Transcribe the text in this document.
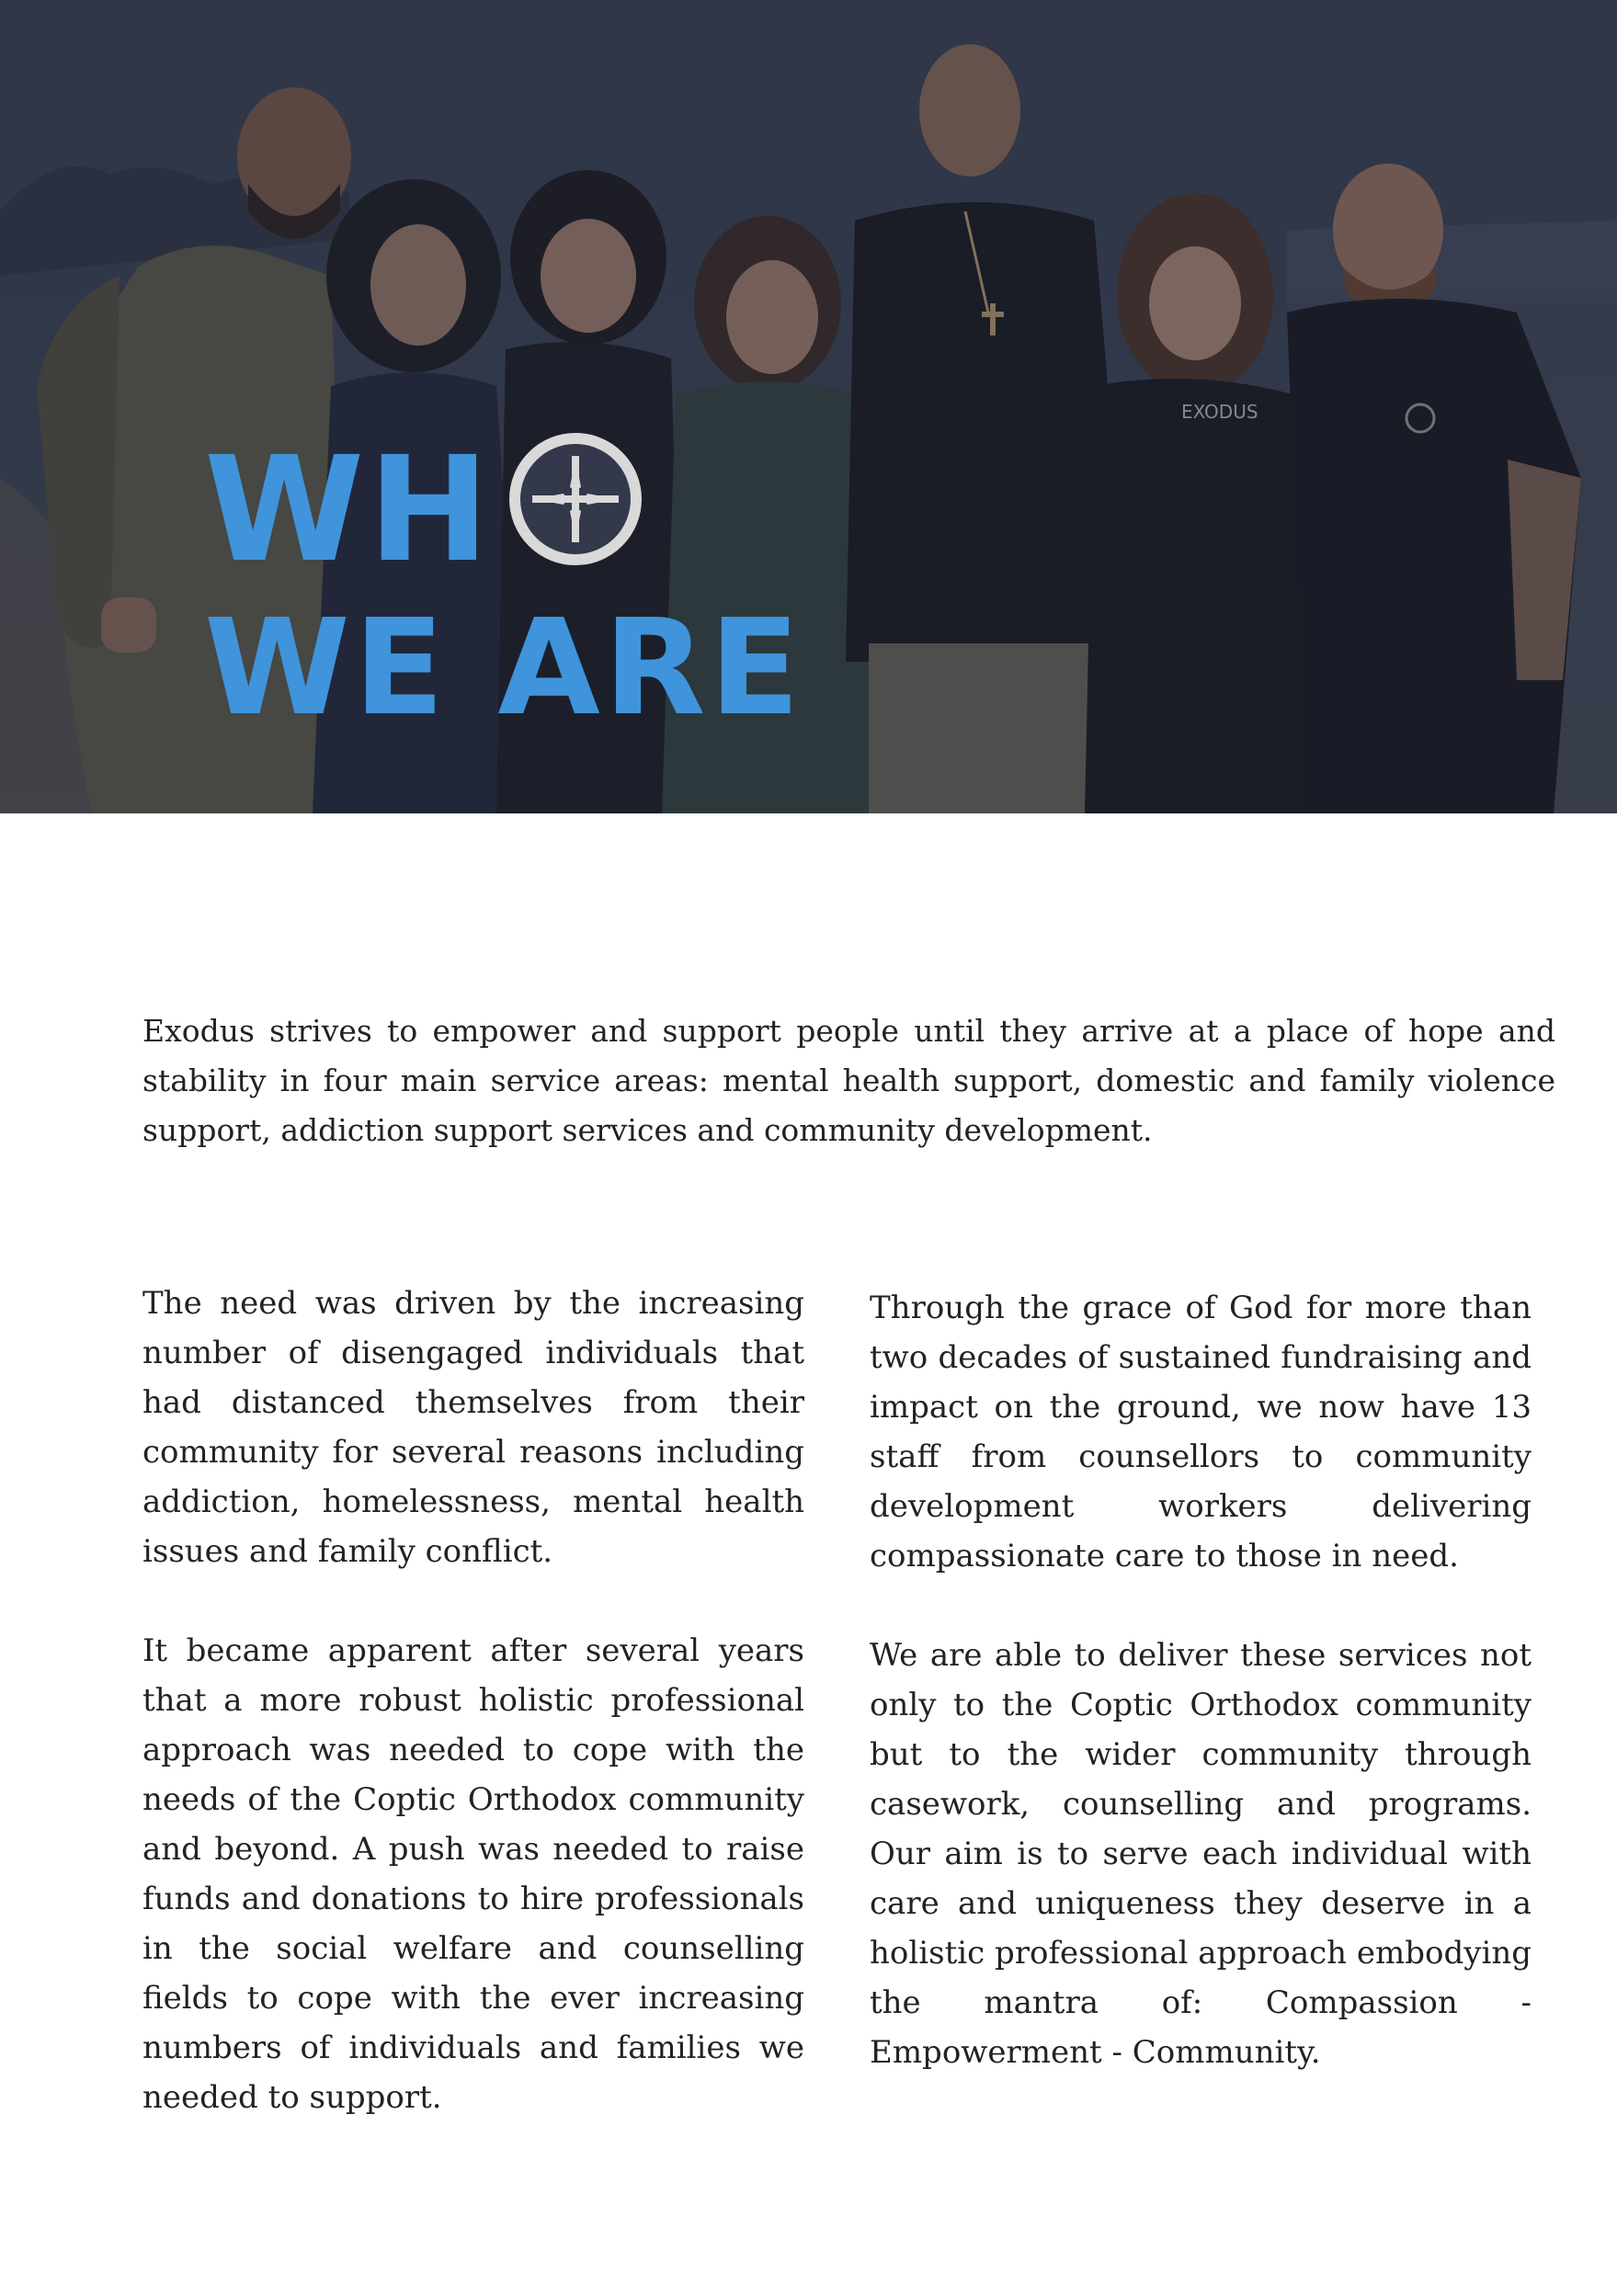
EXODUS
WH
WE ARE
Exodus strives to empower and support people until they arrive at a place of hope and stability in four main service areas: mental health support, domestic and family violence support, addiction support services and community development.

The need was driven by the increasing number of disengaged individuals that had distanced themselves from their community for several reasons including addiction, homelessness, mental health issues and family conflict.

It became apparent after several years that a more robust holistic professional approach was needed to cope with the needs of the Coptic Orthodox community and beyond. A push was needed to raise funds and donations to hire professionals in the social welfare and counselling fields to cope with the ever increasing numbers of individuals and families we needed to support.

Through the grace of God for more than two decades of sustained fundraising and impact on the ground, we now have 13 staff from counsellors to community development workers delivering compassionate care to those in need.

We are able to deliver these services not only to the Coptic Orthodox community but to the wider community through casework, counselling and programs. Our aim is to serve each individual with care and uniqueness they deserve in a holistic professional approach embodying the mantra of: Compassion - Empowerment - Community.
